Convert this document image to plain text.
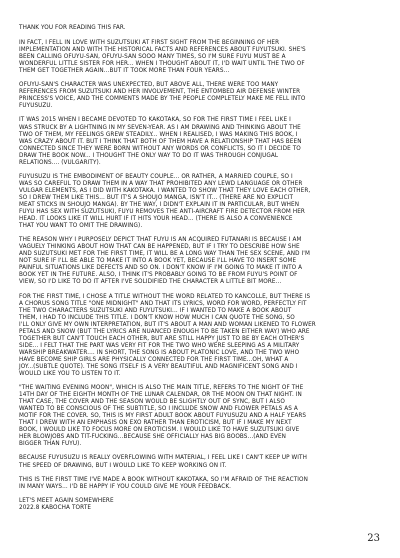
THANK YOU FOR READING THIS FAR.

IN FACT, I FELL IN LOVE WITH SUZUTSUKI AT FIRST SIGHT FROM THE BEGINNING OF HER
IMPLEMENTATION AND WITH THE HISTORICAL FACTS AND REFERENCES ABOUT FUYUTSUKI. SHE'S
BEEN CALLING OFUYU-SAN, OFUYU-SAN SOOO MANY TIMES, SO I'M SURE FUYU MUST BE A
WONDERFUL LITTLE SISTER FOR HER... WHEN I THOUGHT ABOUT IT, I'D WAIT UNTIL THE TWO OF
THEM GET TOGETHER AGAIN...BUT IT TOOK MORE THAN FOUR YEARS...

OFUYU-SAN'S CHARACTER WAS UNEXPECTED, BUT ABOVE ALL, THERE WERE TOO MANY
REFERENCES FROM SUZUTSUKI AND HER INVOLVEMENT, THE ENTOMBED AIR DEFENSE WINTER
PRINCESS'S VOICE, AND THE COMMENTS MADE BY THE PEOPLE COMPLETELY MAKE ME FELL INTO
FUYUSUZU.

IT WAS 2015 WHEN I BECAME DEVOTED TO KAKOTAKA, SO FOR THE FIRST TIME I FEEL LIKE I
WAS STRUCK BY A LIGHTNING IN MY SEVEN-YEAR. AS I AM DRAWING AND THINKING ABOUT THE
TWO OF THEM, MY FEELINGS GREW STEADILY... WHEN I REALISED, I WAS MAKING THIS BOOK, I
WAS CRAZY ABOUT IT. BUT I THINK THAT BOTH OF THEM HAVE A RELATIONSHIP THAT HAS BEEN
CONNECTED SINCE THEY WERE BORN WITHOUT ANY WORDS OR CONFLICTS, SO IT I DECIDE TO
DRAW THE BOOK NOW... I THOUGHT THE ONLY WAY TO DO IT WAS THROUGH CONJUGAL
RELATIONS.... (VULGARITY).

FUYUSUZU IS THE EMBODIMENT OF BEAUTY COUPLE... OR RATHER, A MARRIED COUPLE, SO I
WAS SO CAREFUL TO DRAW THEM IN A WAY THAT PROHIBITED ANY LEWD LANGUAGE OR OTHER
VULGAR ELEMENTS, AS I DID WITH KAKOTAKA. I WANTED TO SHOW THAT THEY LOVE EACH OTHER,
SO I DREW THEM LIKE THIS... BUT IT'S A SHOUJO MANGA, ISN'T IT... (THERE ARE NO EXPLICIT
MEAT STICKS IN SHOUJO MANGA). BY THE WAY, I DIDN'T EXPLAIN IT IN PARTICULAR, BUT WHEN
FUYU HAS SEX WITH SUZUTSUKI, FUYU REMOVES THE ANTI-AIRCRAFT FIRE DETECTOR FROM HER
HEAD. IT LOOKS LIKE IT WILL HURT IF IT HITS YOUR HEAD... (THERE IS ALSO A CONVENIENCE
THAT YOU WANT TO OMIT THE DRAWING).

THE REASON WHY I PURPOSELY DEPICT THAT FUYU IS AN ACQUIRED FUTANARI IS BECAUSE I AM
VAGUELY THINKING ABOUT HOW THAT CAN BE HAPPENED, BUT IF I TRY TO DESCRIBE HOW SHE
AND SUZUTSUKI MET FOR THE FIRST TIME, IT WILL BE A LONG WAY THAN THE SEX SCENE, AND I'M
NOT SURE IF I'LL BE ABLE TO MAKE IT INTO A BOOK YET, BECAUSE I'LL HAVE TO INSERT SOME
PAINFUL SITUATIONS LIKE DEFECTS AND SO ON. I DON'T KNOW IF I'M GOING TO MAKE IT INTO A
BOOK YET IN THE FUTURE. ALSO, I THINK IT'S PROBABLY GOING TO BE FROM FUYU'S POINT OF
VIEW, SO I'D LIKE TO DO IT AFTER I'VE SOLIDIFIED THE CHARACTER A LITTLE BIT MORE...

FOR THE FIRST TIME, I CHOSE A TITLE WITHOUT THE WORD RELATED TO KANCOLLE, BUT THERE IS
A CHORUS SONG TITLE "ONE MIDNIGHT" AND THAT ITS LYRICS, WORD FOR WORD, PERFECTLY FIT
THE TWO CHARACTERS SUZUTSUKI AND FUYUTSUKI... IF I WANTED TO MAKE A BOOK ABOUT
THEM, I HAD TO INCLUDE THIS TITLE. I DON'T KNOW HOW MUCH I CAN QUOTE THE SONG, SO
I'LL ONLY GIVE MY OWN INTERPRETATION, BUT IT'S ABOUT A MAN AND WOMAN LIKENED TO FLOWER
PETALS AND SNOW (BUT THE LYRICS ARE NUANCED ENOUGH TO BE TAKEN EITHER WAY) WHO ARE
TOGETHER BUT CAN'T TOUCH EACH OTHER, BUT ARE STILL HAPPY JUST TO BE BY EACH OTHER'S
SIDE... I FELT THAT THE PART WAS VERY FIT FOR THE TWO WHO WERE SLEEPING AS A MILITARY
WARSHIP BREAKWATER.... IN SHORT, THE SONG IS ABOUT PLATONIC LOVE, AND THE TWO WHO
HAVE BECOME SHIP GIRLS ARE PHYSICALLY CONNECTED FOR THE FIRST TIME...OH, WHAT A
JOY...(SUBTLE QUOTE). THE SONG ITSELF IS A VERY BEAUTIFUL AND MAGNIFICENT SONG AND I
WOULD LIKE YOU TO LISTEN TO IT.

"THE WAITING EVENING MOON", WHICH IS ALSO THE MAIN TITLE, REFERS TO THE NIGHT OF THE
14TH DAY OF THE EIGHTH MONTH OF THE LUNAR CALENDAR, OR THE MOON ON THAT NIGHT. IN
THAT CASE, THE COVER AND THE SEASON WOULD BE SLIGHTLY OUT OF SYNC, BUT I ALSO
WANTED TO BE CONSCIOUS OF THE SUBTITLE, SO I INCLUDE SNOW AND FLOWER PETALS AS A
MOTIF FOR THE COVER. SO, THIS IS MY FIRST ADULT BOOK ABOUT FUYUSUZU AND A HALF YEARS
THAT I DREW WITH AN EMPHASIS ON EXO RATHER THAN EROTICISM, BUT IF I MAKE MY NEXT
BOOK, I WOULD LIKE TO FOCUS MORE ON EROTICISM. I WOULD LIKE TO HAVE SUZUTSUKI GIVE
HER BLOWJOBS AND TIT-FUCKING...BECAUSE SHE OFFICIALLY HAS BIG BOOBS...(AND EVEN
BIGGER THAN FUYU).

BECAUSE FUYUSUZU IS REALLY OVERFLOWING WITH MATERIAL, I FEEL LIKE I CAN'T KEEP UP WITH
THE SPEED OF DRAWING, BUT I WOULD LIKE TO KEEP WORKING ON IT.

THIS IS THE FIRST TIME I'VE MADE A BOOK WITHOUT KAKOTAKA, SO I'M AFRAID OF THE REACTION
IN MANY WAYS... I'D BE HAPPY IF YOU COULD GIVE ME YOUR FEEDBACK.

LET'S MEET AGAIN SOMEWHERE

2022.8 KABOCHA TORTE

23
